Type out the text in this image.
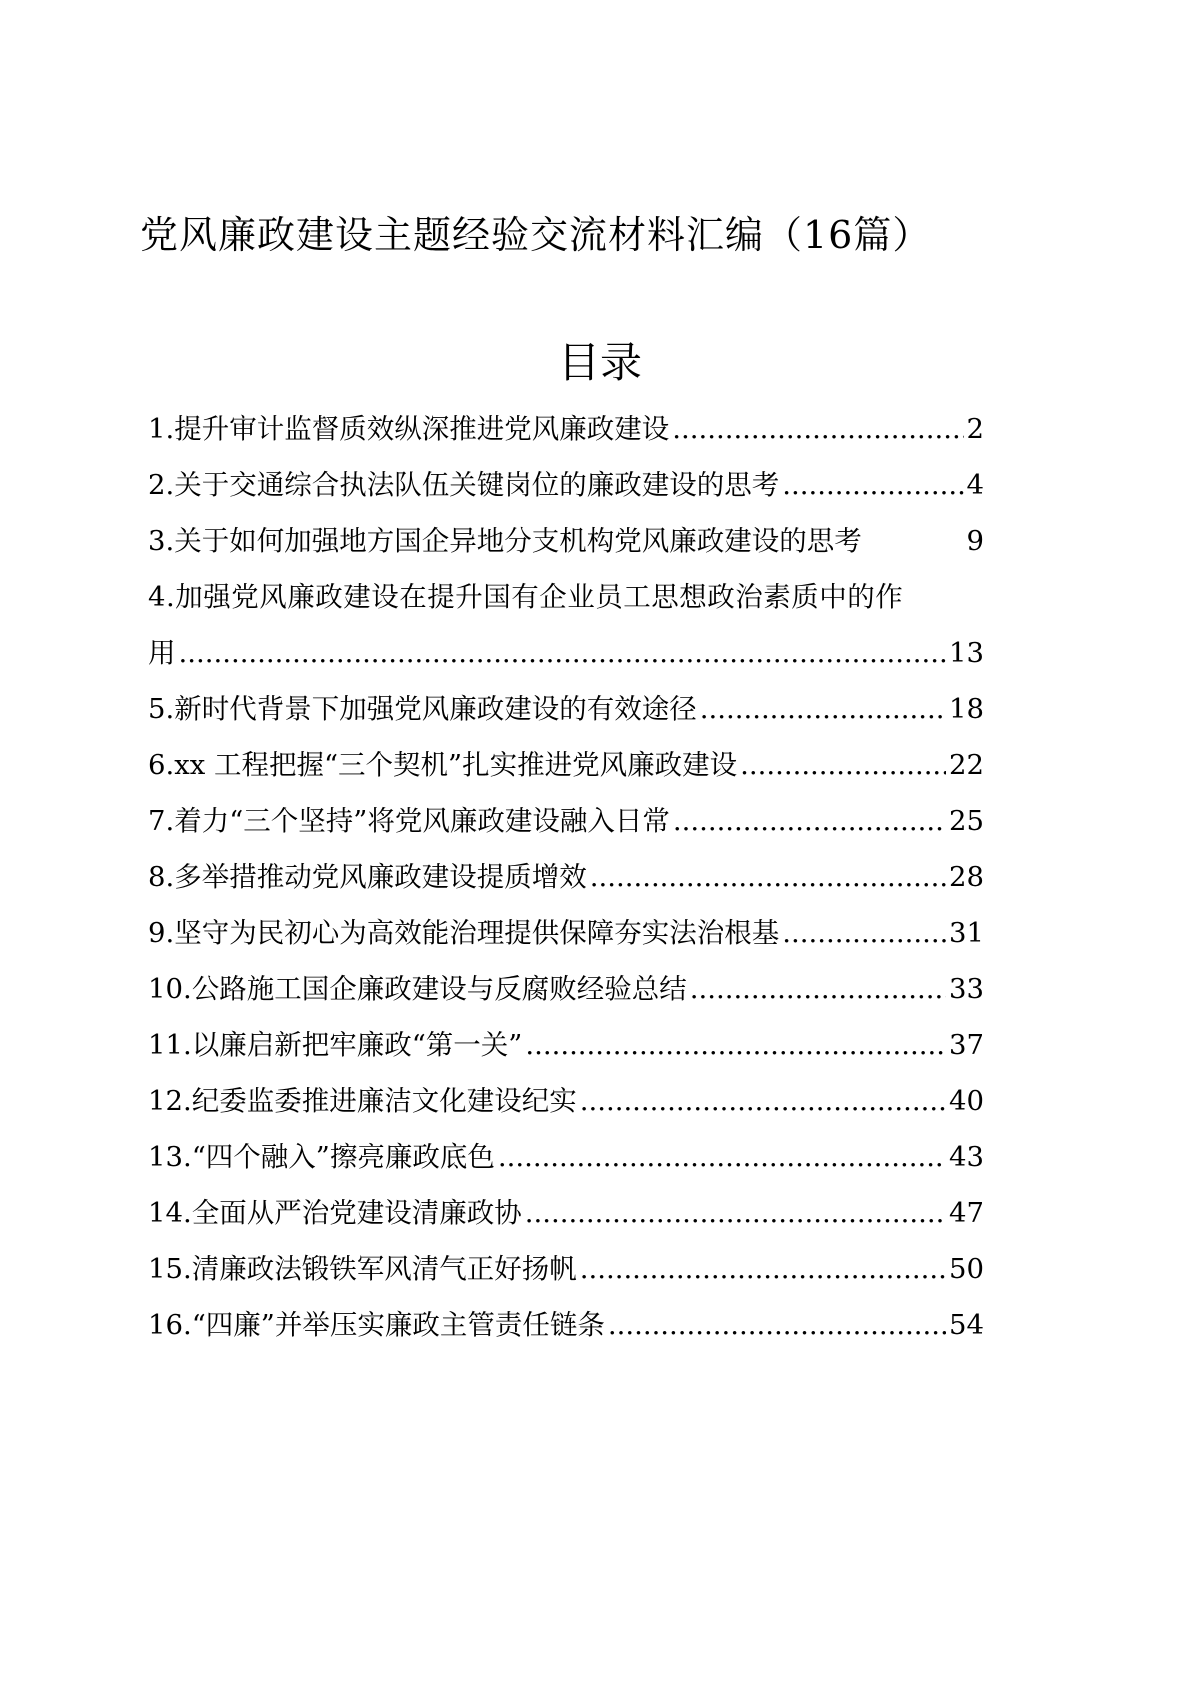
党风廉政建设主题经验交流材料汇编（16篇）
目录
1.提升审计监督质效纵深推进党风廉政建设 .....	2
2.关于交通综合执法队伍关键岗位的廉政建设的思考 .....	4
3.关于如何加强地方国企异地分支机构党风廉政建设的思考	9
4.加强党风廉政建设在提升国有企业员工思想政治素质中的作
用 .....	13
5.新时代背景下加强党风廉政建设的有效途径 .....	18
6.xx 工程把握“三个契机”扎实推进党风廉政建设 .....	22
7.着力“三个坚持”将党风廉政建设融入日常 .....	25
8.多举措推动党风廉政建设提质增效 .....	28
9.坚守为民初心为高效能治理提供保障夯实法治根基 .....	31
10.公路施工国企廉政建设与反腐败经验总结 .....	33
11.以廉启新把牢廉政“第一关” .....	37
12.纪委监委推进廉洁文化建设纪实 .....	40
13.“四个融入”擦亮廉政底色 .....	43
14.全面从严治党建设清廉政协 .....	47
15.清廉政法锻铁军风清气正好扬帆 .....	50
16.“四廉”并举压实廉政主管责任链条 .....	54
